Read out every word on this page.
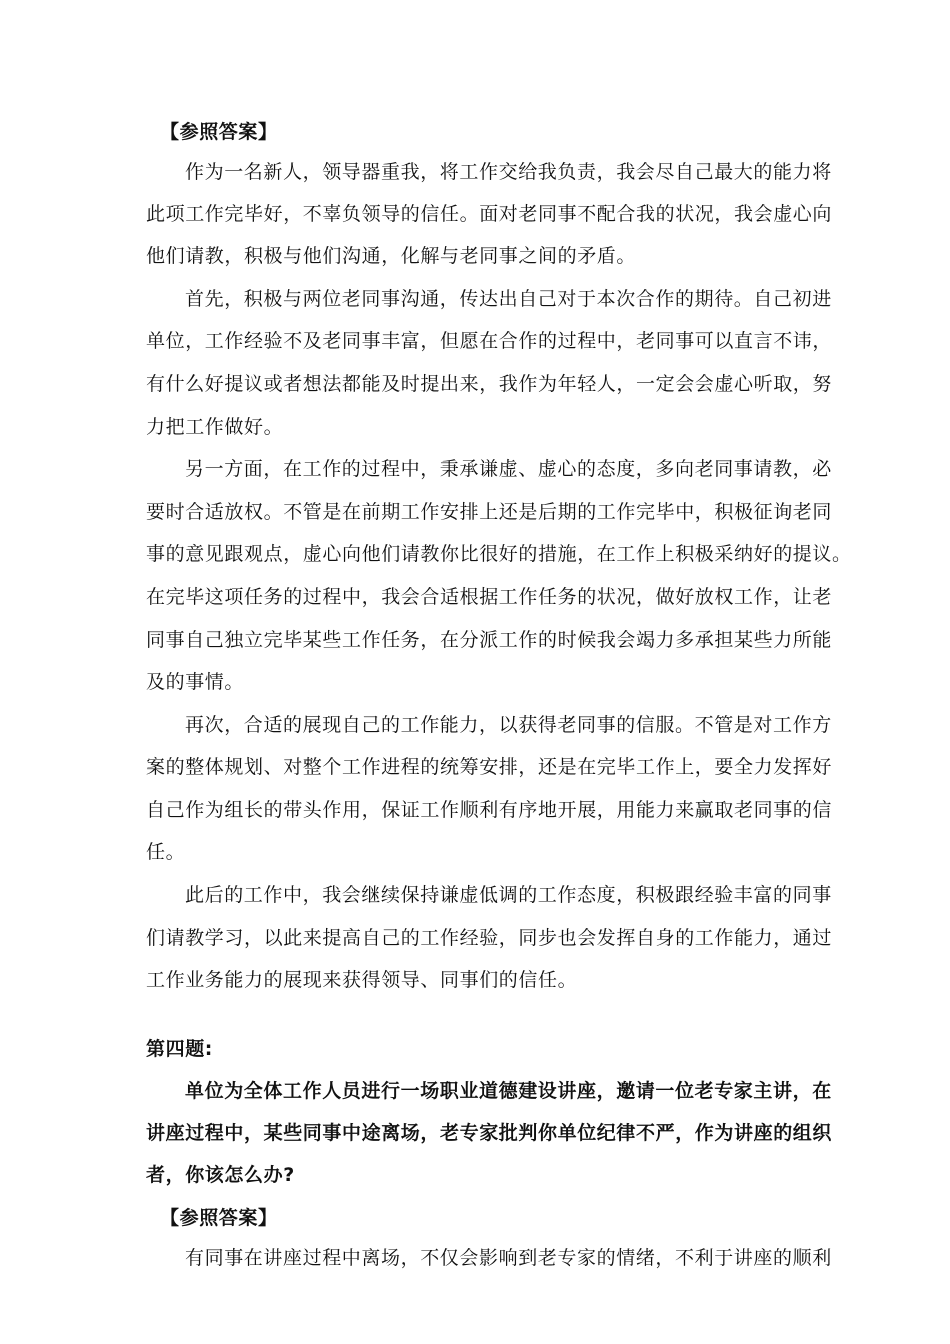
【参照答案】
作为一名新人，领导器重我，将工作交给我负责，我会尽自己最大的能力将
此项工作完毕好，不辜负领导的信任。面对老同事不配合我的状况，我会虚心向
他们请教，积极与他们沟通，化解与老同事之间的矛盾。
首先，积极与两位老同事沟通，传达出自己对于本次合作的期待。自己初进
单位，工作经验不及老同事丰富，但愿在合作的过程中，老同事可以直言不讳，
有什么好提议或者想法都能及时提出来，我作为年轻人，一定会会虚心听取，努
力把工作做好。
另一方面，在工作的过程中，秉承谦虚、虚心的态度，多向老同事请教，必
要时合适放权。不管是在前期工作安排上还是后期的工作完毕中，积极征询老同
事的意见跟观点，虚心向他们请教你比很好的措施，在工作上积极采纳好的提议。
在完毕这项任务的过程中，我会合适根据工作任务的状况，做好放权工作，让老
同事自己独立完毕某些工作任务，在分派工作的时候我会竭力多承担某些力所能
及的事情。
再次，合适的展现自己的工作能力，以获得老同事的信服。不管是对工作方
案的整体规划、对整个工作进程的统筹安排，还是在完毕工作上，要全力发挥好
自己作为组长的带头作用，保证工作顺利有序地开展，用能力来赢取老同事的信
任。
此后的工作中，我会继续保持谦虚低调的工作态度，积极跟经验丰富的同事
们请教学习，以此来提高自己的工作经验，同步也会发挥自身的工作能力，通过
工作业务能力的展现来获得领导、同事们的信任。
第四题:
单位为全体工作人员进行一场职业道德建设讲座，邀请一位老专家主讲，在
讲座过程中，某些同事中途离场，老专家批判你单位纪律不严，作为讲座的组织
者，你该怎么办?
【参照答案】
有同事在讲座过程中离场，不仅会影响到老专家的情绪，不利于讲座的顺利
